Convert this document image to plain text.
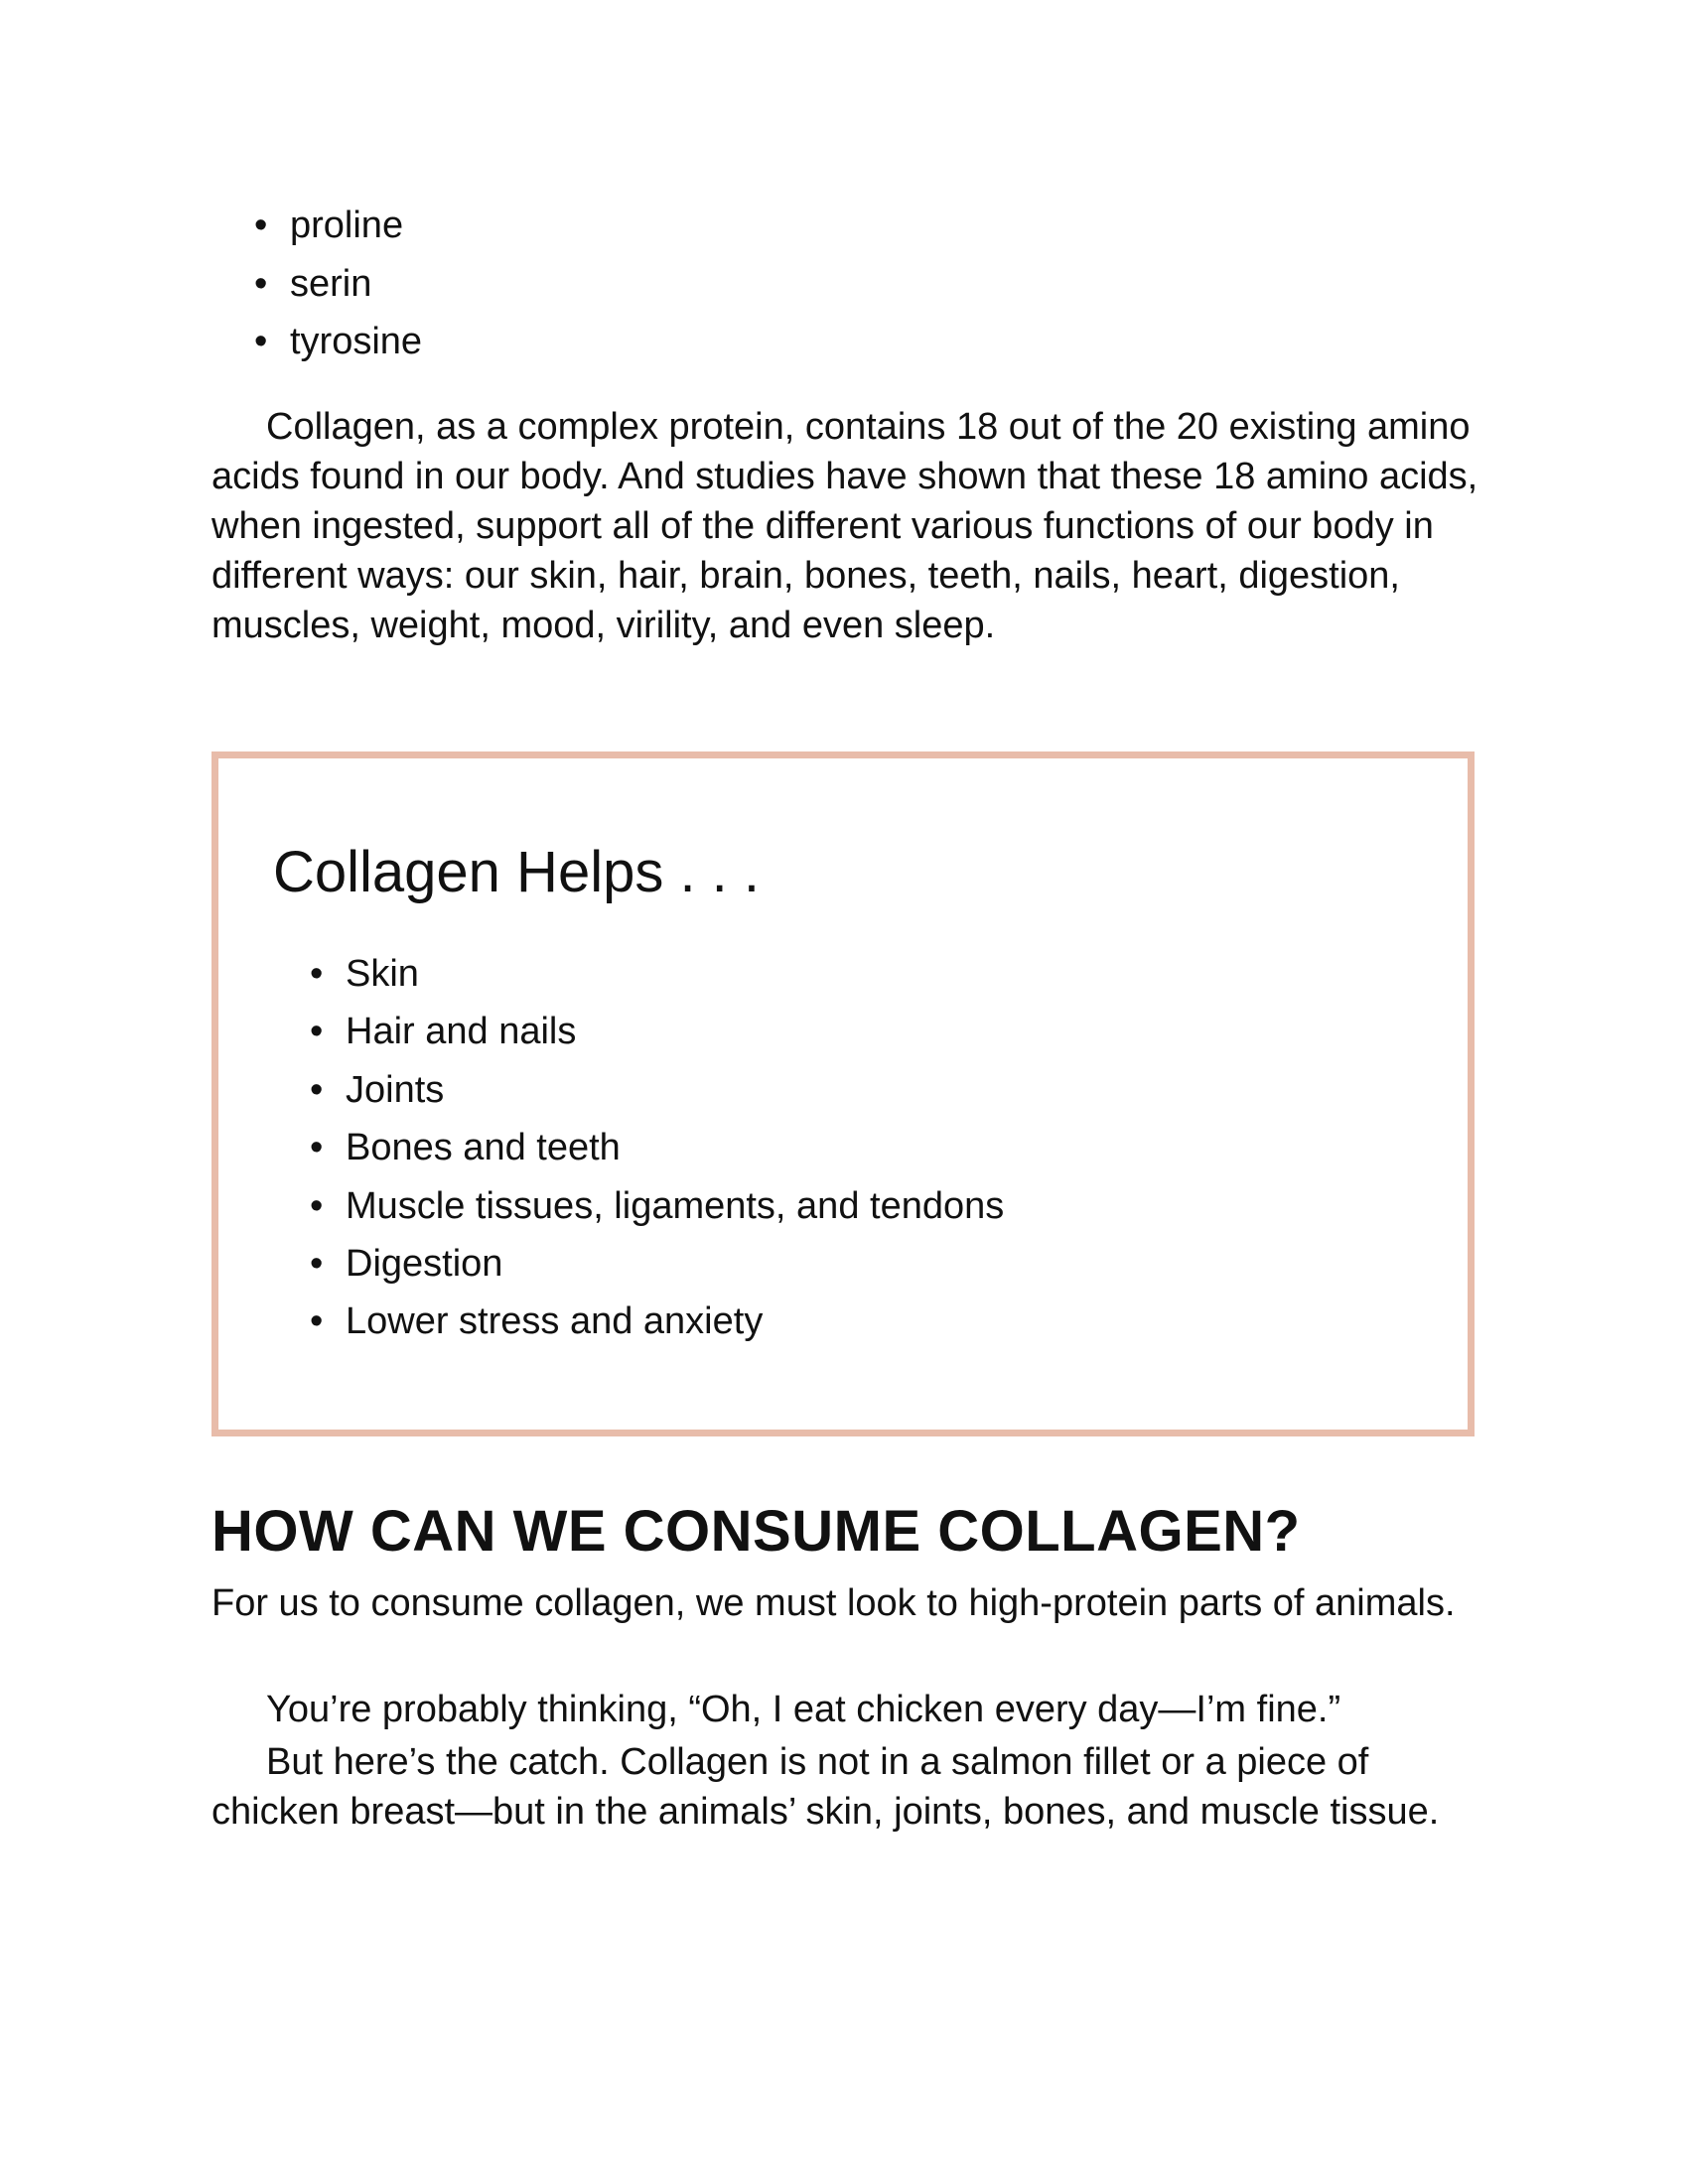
• proline
• serin
• tyrosine

Collagen, as a complex protein, contains 18 out of the 20 existing amino acids found in our body. And studies have shown that these 18 amino acids, when ingested, support all of the different various functions of our body in different ways: our skin, hair, brain, bones, teeth, nails, heart, digestion, muscles, weight, mood, virility, and even sleep.

Collagen Helps . . .
• Skin
• Hair and nails
• Joints
• Bones and teeth
• Muscle tissues, ligaments, and tendons
• Digestion
• Lower stress and anxiety
HOW CAN WE CONSUME COLLAGEN?

For us to consume collagen, we must look to high-protein parts of animals.

You’re probably thinking, “Oh, I eat chicken every day—I’m fine.”

But here’s the catch. Collagen is not in a salmon fillet or a piece of chicken breast—but in the animals’ skin, joints, bones, and muscle tissue.
